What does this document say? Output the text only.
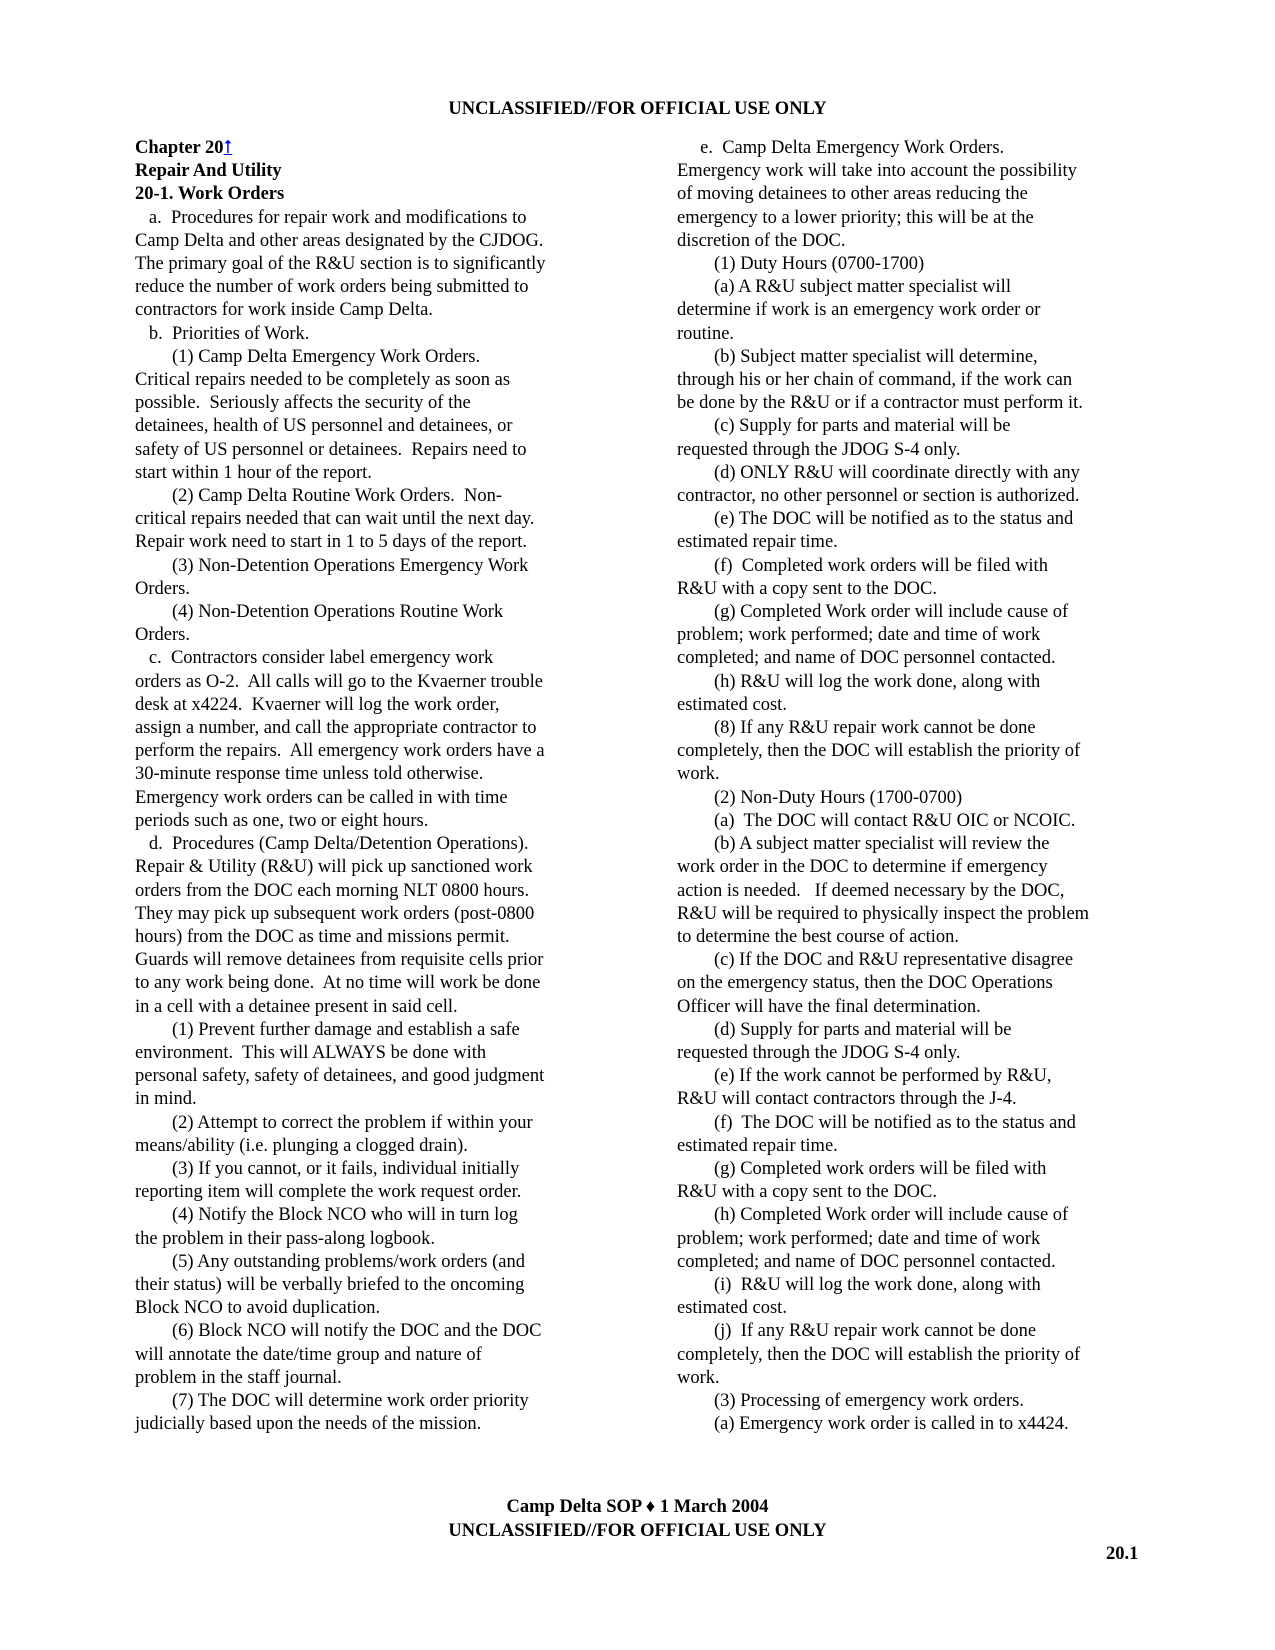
UNCLASSIFIED//FOR OFFICIAL USE ONLY
Chapter 20⭡
Repair And Utility
20-1. Work Orders
a.  Procedures for repair work and modifications to
Camp Delta and other areas designated by the CJDOG.
The primary goal of the R&U section is to significantly
reduce the number of work orders being submitted to
contractors for work inside Camp Delta.
b.  Priorities of Work.
(1) Camp Delta Emergency Work Orders.
Critical repairs needed to be completely as soon as
possible.  Seriously affects the security of the
detainees, health of US personnel and detainees, or
safety of US personnel or detainees.  Repairs need to
start within 1 hour of the report.
(2) Camp Delta Routine Work Orders.  Non-
critical repairs needed that can wait until the next day.
Repair work need to start in 1 to 5 days of the report.
(3) Non-Detention Operations Emergency Work
Orders.
(4) Non-Detention Operations Routine Work
Orders.
c.  Contractors consider label emergency work
orders as O-2.  All calls will go to the Kvaerner trouble
desk at x4224.  Kvaerner will log the work order,
assign a number, and call the appropriate contractor to
perform the repairs.  All emergency work orders have a
30-minute response time unless told otherwise.
Emergency work orders can be called in with time
periods such as one, two or eight hours.
d.  Procedures (Camp Delta/Detention Operations).
Repair & Utility (R&U) will pick up sanctioned work
orders from the DOC each morning NLT 0800 hours.
They may pick up subsequent work orders (post-0800
hours) from the DOC as time and missions permit.
Guards will remove detainees from requisite cells prior
to any work being done.  At no time will work be done
in a cell with a detainee present in said cell.
(1) Prevent further damage and establish a safe
environment.  This will ALWAYS be done with
personal safety, safety of detainees, and good judgment
in mind.
(2) Attempt to correct the problem if within your
means/ability (i.e. plunging a clogged drain).
(3) If you cannot, or it fails, individual initially
reporting item will complete the work request order.
(4) Notify the Block NCO who will in turn log
the problem in their pass-along logbook.
(5) Any outstanding problems/work orders (and
their status) will be verbally briefed to the oncoming
Block NCO to avoid duplication.
(6) Block NCO will notify the DOC and the DOC
will annotate the date/time group and nature of
problem in the staff journal.
(7) The DOC will determine work order priority
judicially based upon the needs of the mission.
e.  Camp Delta Emergency Work Orders.
Emergency work will take into account the possibility
of moving detainees to other areas reducing the
emergency to a lower priority; this will be at the
discretion of the DOC.
(1) Duty Hours (0700-1700)
(a) A R&U subject matter specialist will
determine if work is an emergency work order or
routine.
(b) Subject matter specialist will determine,
through his or her chain of command, if the work can
be done by the R&U or if a contractor must perform it.
(c) Supply for parts and material will be
requested through the JDOG S-4 only.
(d) ONLY R&U will coordinate directly with any
contractor, no other personnel or section is authorized.
(e) The DOC will be notified as to the status and
estimated repair time.
(f)  Completed work orders will be filed with
R&U with a copy sent to the DOC.
(g) Completed Work order will include cause of
problem; work performed; date and time of work
completed; and name of DOC personnel contacted.
(h) R&U will log the work done, along with
estimated cost.
(8) If any R&U repair work cannot be done
completely, then the DOC will establish the priority of
work.
(2) Non-Duty Hours (1700-0700)
(a)  The DOC will contact R&U OIC or NCOIC.
(b) A subject matter specialist will review the
work order in the DOC to determine if emergency
action is needed.   If deemed necessary by the DOC,
R&U will be required to physically inspect the problem
to determine the best course of action.
(c) If the DOC and R&U representative disagree
on the emergency status, then the DOC Operations
Officer will have the final determination.
(d) Supply for parts and material will be
requested through the JDOG S-4 only.
(e) If the work cannot be performed by R&U,
R&U will contact contractors through the J-4.
(f)  The DOC will be notified as to the status and
estimated repair time.
(g) Completed work orders will be filed with
R&U with a copy sent to the DOC.
(h) Completed Work order will include cause of
problem; work performed; date and time of work
completed; and name of DOC personnel contacted.
(i)  R&U will log the work done, along with
estimated cost.
(j)  If any R&U repair work cannot be done
completely, then the DOC will establish the priority of
work.
(3) Processing of emergency work orders.
(a) Emergency work order is called in to x4424.
Camp Delta SOP ♦ 1 March 2004
UNCLASSIFIED//FOR OFFICIAL USE ONLY
20.1
